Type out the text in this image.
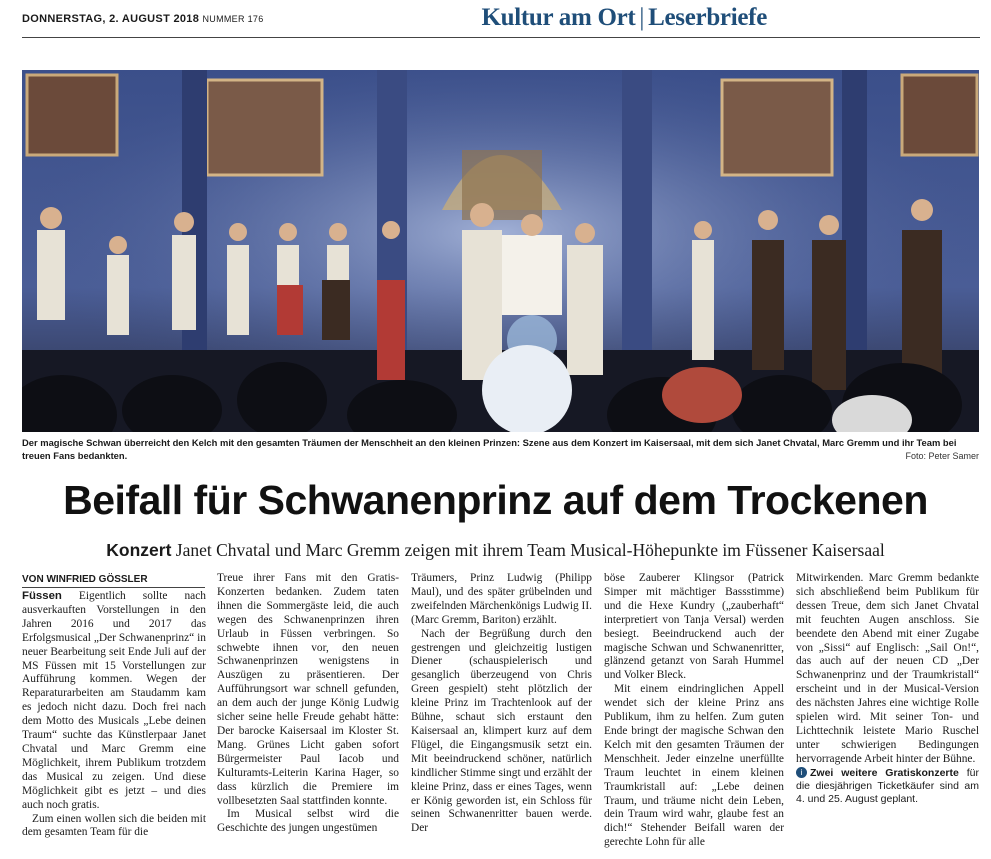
DONNERSTAG, 2. AUGUST 2018 NUMMER 176	Kultur am Ort | Leserbriefe
Der magische Schwan überreicht den Kelch mit den gesamten Träumen der Menschheit an den kleinen Prinzen: Szene aus dem Konzert im Kaisersaal, mit dem sich Janet Chvatal, Marc Gremm und ihr Team bei treuen Fans bedankten.	Foto: Peter Samer
Beifall für Schwanenprinz auf dem Trockenen
Konzert Janet Chvatal und Marc Gremm zeigen mit ihrem Team Musical-Höhepunkte im Füssener Kaisersaal
VON WINFRIED GÖSSLER

Füssen Eigentlich sollte nach ausverkauften Vorstellungen in den Jahren 2016 und 2017 das Erfolgsmusical „Der Schwanenprinz“ in neuer Bearbeitung seit Ende Juli auf der MS Füssen mit 15 Vorstellungen zur Aufführung kommen. Wegen der Reparaturarbeiten am Staudamm kam es jedoch nicht dazu. Doch frei nach dem Motto des Musicals „Lebe deinen Traum“ suchte das Künstlerpaar Janet Chvatal und Marc Gremm eine Möglichkeit, ihrem Publikum trotzdem das Musical zu zeigen. Und diese Möglichkeit gibt es jetzt – und dies auch noch gratis.

Zum einen wollen sich die beiden mit dem gesamten Team für die

Treue ihrer Fans mit den Gratis-Konzerten bedanken. Zudem taten ihnen die Sommergäste leid, die auch wegen des Schwanenprinzen ihren Urlaub in Füssen verbringen. So schwebte ihnen vor, den neuen Schwanenprinzen wenigstens in Auszügen zu präsentieren. Der Aufführungsort war schnell gefunden, an dem auch der junge König Ludwig sicher seine helle Freude gehabt hätte: Der barocke Kaisersaal im Kloster St. Mang. Grünes Licht gaben sofort Bürgermeister Paul Iacob und Kulturamts-Leiterin Karina Hager, so dass kürzlich die Premiere im vollbesetzten Saal stattfinden konnte.

Im Musical selbst wird die Geschichte des jungen ungestümen

Träumers, Prinz Ludwig (Philipp Maul), und des später grübelnden und zweifelnden Märchenkönigs Ludwig II. (Marc Gremm, Bariton) erzählt.

Nach der Begrüßung durch den gestrengen und gleichzeitig lustigen Diener (schauspielerisch und gesanglich überzeugend von Chris Green gespielt) steht plötzlich der kleine Prinz im Trachtenlook auf der Bühne, schaut sich erstaunt den Kaisersaal an, klimpert kurz auf dem Flügel, die Eingangsmusik setzt ein. Mit beeindruckend schöner, natürlich kindlicher Stimme singt und erzählt der kleine Prinz, dass er eines Tages, wenn er König geworden ist, ein Schloss für seinen Schwanenritter bauen werde. Der

böse Zauberer Klingsor (Patrick Simper mit mächtiger Bassstimme) und die Hexe Kundry („zauberhaft“ interpretiert von Tanja Versal) werden besiegt. Beeindruckend auch der magische Schwan und Schwanenritter, glänzend getanzt von Sarah Hummel und Volker Bleck.

Mit einem eindringlichen Appell wendet sich der kleine Prinz ans Publikum, ihm zu helfen. Zum guten Ende bringt der magische Schwan den Kelch mit den gesamten Träumen der Menschheit. Jeder einzelne unerfüllte Traum leuchtet in einem kleinen Traumkristall auf: „Lebe deinen Traum, und träume nicht dein Leben, dein Traum wird wahr, glaube fest an dich!“ Stehender Beifall waren der gerechte Lohn für alle

Mitwirkenden. Marc Gremm bedankte sich abschließend beim Publikum für dessen Treue, dem sich Janet Chvatal mit feuchten Augen anschloss. Sie beendete den Abend mit einer Zugabe von „Sissi“ auf Englisch: „Sail On!“, das auch auf der neuen CD „Der Schwanenprinz und der Traumkristall“ erscheint und in der Musical-Version des nächsten Jahres eine wichtige Rolle spielen wird. Mit seiner Ton- und Lichttechnik leistete Mario Ruschel unter schwierigen Bedingungen hervorragende Arbeit hinter der Bühne.

i Zwei weitere Gratiskonzerte für die diesjährigen Ticketkäufer sind am 4. und 25. August geplant.
